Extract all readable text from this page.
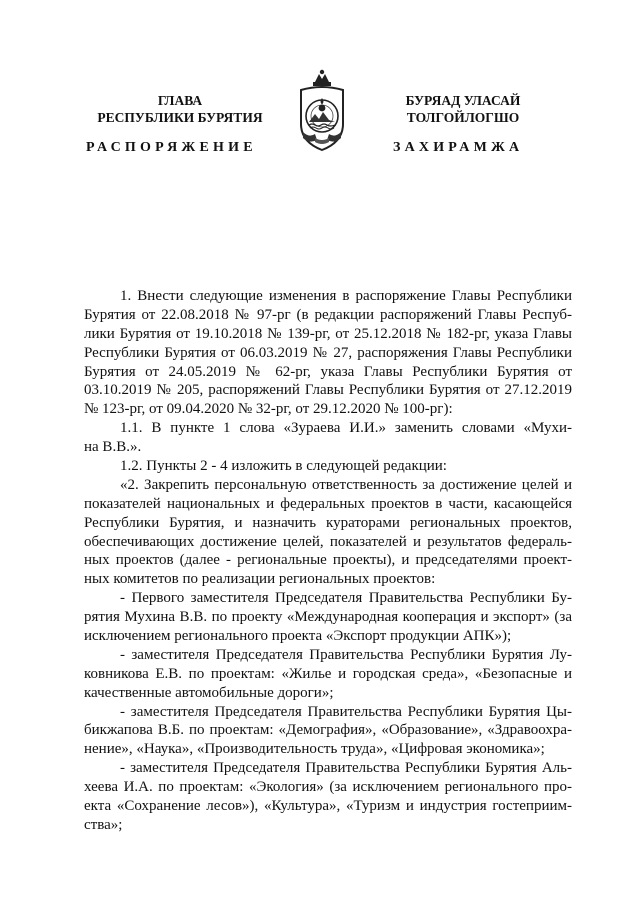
ГЛАВА
РЕСПУБЛИКИ БУРЯТИЯ
БУРЯАД УЛАСАЙ
ТОЛГОЙЛОГШО
РАСПОРЯЖЕНИЕ	ЗАХИРАМЖА
1. Внести следующие изменения в распоряжение Главы Республики
Бурятия от 22.08.2018 № 97-рг (в редакции распоряжений Главы Респуб-
лики Бурятия от 19.10.2018 № 139-рг, от 25.12.2018 № 182-рг, указа Главы
Республики Бурятия от 06.03.2019 № 27, распоряжения Главы Республики
Бурятия от 24.05.2019 № 62-рг, указа Главы Республики Бурятия от
03.10.2019 № 205, распоряжений Главы Республики Бурятия от 27.12.2019
№ 123-рг, от 09.04.2020 № 32-рг, от 29.12.2020 № 100-рг):
1.1. В пункте 1 слова «Зураева И.И.» заменить словами «Мухи-
на В.В.».
1.2. Пункты 2 - 4 изложить в следующей редакции:
«2. Закрепить персональную ответственность за достижение целей и
показателей национальных и федеральных проектов в части, касающейся
Республики Бурятия, и назначить кураторами региональных проектов,
обеспечивающих достижение целей, показателей и результатов федераль-
ных проектов (далее - региональные проекты), и председателями проект-
ных комитетов по реализации региональных проектов:
- Первого заместителя Председателя Правительства Республики Бу-
рятия Мухина В.В. по проекту «Международная кооперация и экспорт» (за
исключением регионального проекта «Экспорт продукции АПК»);
- заместителя Председателя Правительства Республики Бурятия Лу-
ковникова Е.В. по проектам: «Жилье и городская среда», «Безопасные и
качественные автомобильные дороги»;
- заместителя Председателя Правительства Республики Бурятия Цы-
бикжапова В.Б. по проектам: «Демография», «Образование», «Здравоохра-
нение», «Наука», «Производительность труда», «Цифровая экономика»;
- заместителя Председателя Правительства Республики Бурятия Аль-
хеева И.А. по проектам: «Экология» (за исключением регионального про-
екта «Сохранение лесов»), «Культура», «Туризм и индустрия гостеприим-
ства»;
